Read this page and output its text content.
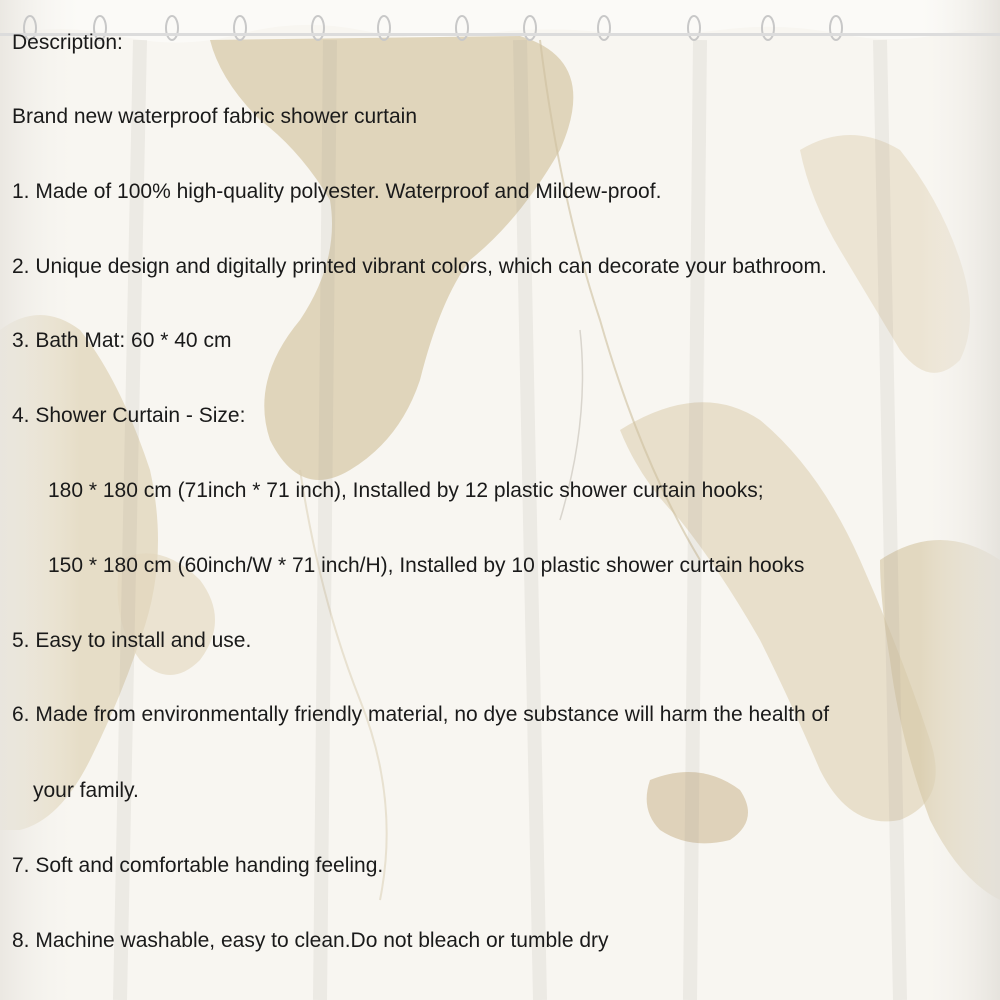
Description:
Brand new waterproof fabric shower curtain
1. Made of 100% high-quality polyester. Waterproof and Mildew-proof.
2. Unique design and digitally printed vibrant colors, which can decorate your bathroom.
3. Bath Mat: 60 * 40 cm
4. Shower Curtain - Size:
180 * 180 cm (71inch * 71 inch), Installed by 12 plastic shower curtain hooks;
150 * 180 cm (60inch/W * 71 inch/H), Installed by 10 plastic shower curtain hooks
5. Easy to install and use.
6. Made from environmentally friendly material, no dye substance will harm the health of
your family.
7. Soft and comfortable handing feeling.
8. Machine washable, easy to clean.Do not bleach or tumble dry
